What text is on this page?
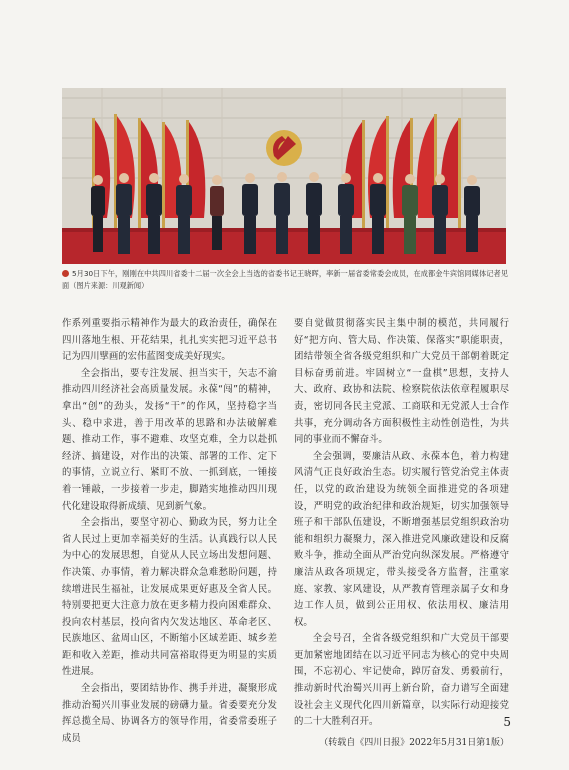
5月30日下午，刚刚在中共四川省委十二届一次全会上当选的省委书记王晓晖，率新一届省委常委会成员，在成都金牛宾馆同媒体记者见面（图片来源：川观新闻）

作系列重要指示精神作为最大的政治责任，确保在四川落地生根、开花结果，扎扎实实把习近平总书记为四川擘画的宏伟蓝图变成美好现实。

全会指出，要专注发展、担当实干，矢志不渝推动四川经济社会高质量发展。永葆“闯”的精神，拿出“创”的劲头，发扬“干”的作风，坚持稳字当头、稳中求进，善于用改革的思路和办法破解难题、推动工作，事不避难、攻坚克难，全力以赴抓经济、搞建设，对作出的决策、部署的工作、定下的事情，立说立行、紧盯不放、一抓到底，一锤接着一锤敲，一步接着一步走，脚踏实地推动四川现代化建设取得新成绩、见到新气象。

全会指出，要坚守初心、勤政为民，努力让全省人民过上更加幸福美好的生活。认真践行以人民为中心的发展思想，自觉从人民立场出发想问题、作决策、办事情，着力解决群众急难愁盼问题，持续增进民生福祉，让发展成果更好惠及全省人民。特别要把更大注意力放在更多精力投向困难群众、投向农村基层，投向省内欠发达地区、革命老区、民族地区、盆周山区，不断缩小区域差距、城乡差距和收入差距，推动共同富裕取得更为明显的实质性进展。

全会指出，要团结协作、携手并进，凝聚形成推动治蜀兴川事业发展的磅礴力量。省委要充分发挥总揽全局、协调各方的领导作用，省委常委班子成员

要自觉做贯彻落实民主集中制的模范，共同履行好“把方向、管大局、作决策、保落实”职能职责，团结带领全省各级党组织和广大党员干部朝着既定目标奋勇前进。牢固树立“一盘棋”思想，支持人大、政府、政协和法院、检察院依法依章程履职尽责，密切同各民主党派、工商联和无党派人士合作共事，充分调动各方面积极性主动性创造性，为共同的事业而不懈奋斗。

全会强调，要廉洁从政、永葆本色，着力构建风清气正良好政治生态。切实履行管党治党主体责任，以党的政治建设为统领全面推进党的各项建设，严明党的政治纪律和政治规矩，切实加强领导班子和干部队伍建设，不断增强基层党组织政治功能和组织力凝聚力，深入推进党风廉政建设和反腐败斗争，推动全面从严治党向纵深发展。严格遵守廉洁从政各项规定，带头接受各方监督，注重家庭、家教、家风建设，从严教育管理亲属子女和身边工作人员，做到公正用权、依法用权、廉洁用权。

全会号召，全省各级党组织和广大党员干部要更加紧密地团结在以习近平同志为核心的党中央周围，不忘初心、牢记使命，踔厉奋发、勇毅前行，推动新时代治蜀兴川再上新台阶，奋力谱写全面建设社会主义现代化四川新篇章，以实际行动迎接党的二十大胜利召开。

（转载自《四川日报》2022年5月31日第1版）

5
